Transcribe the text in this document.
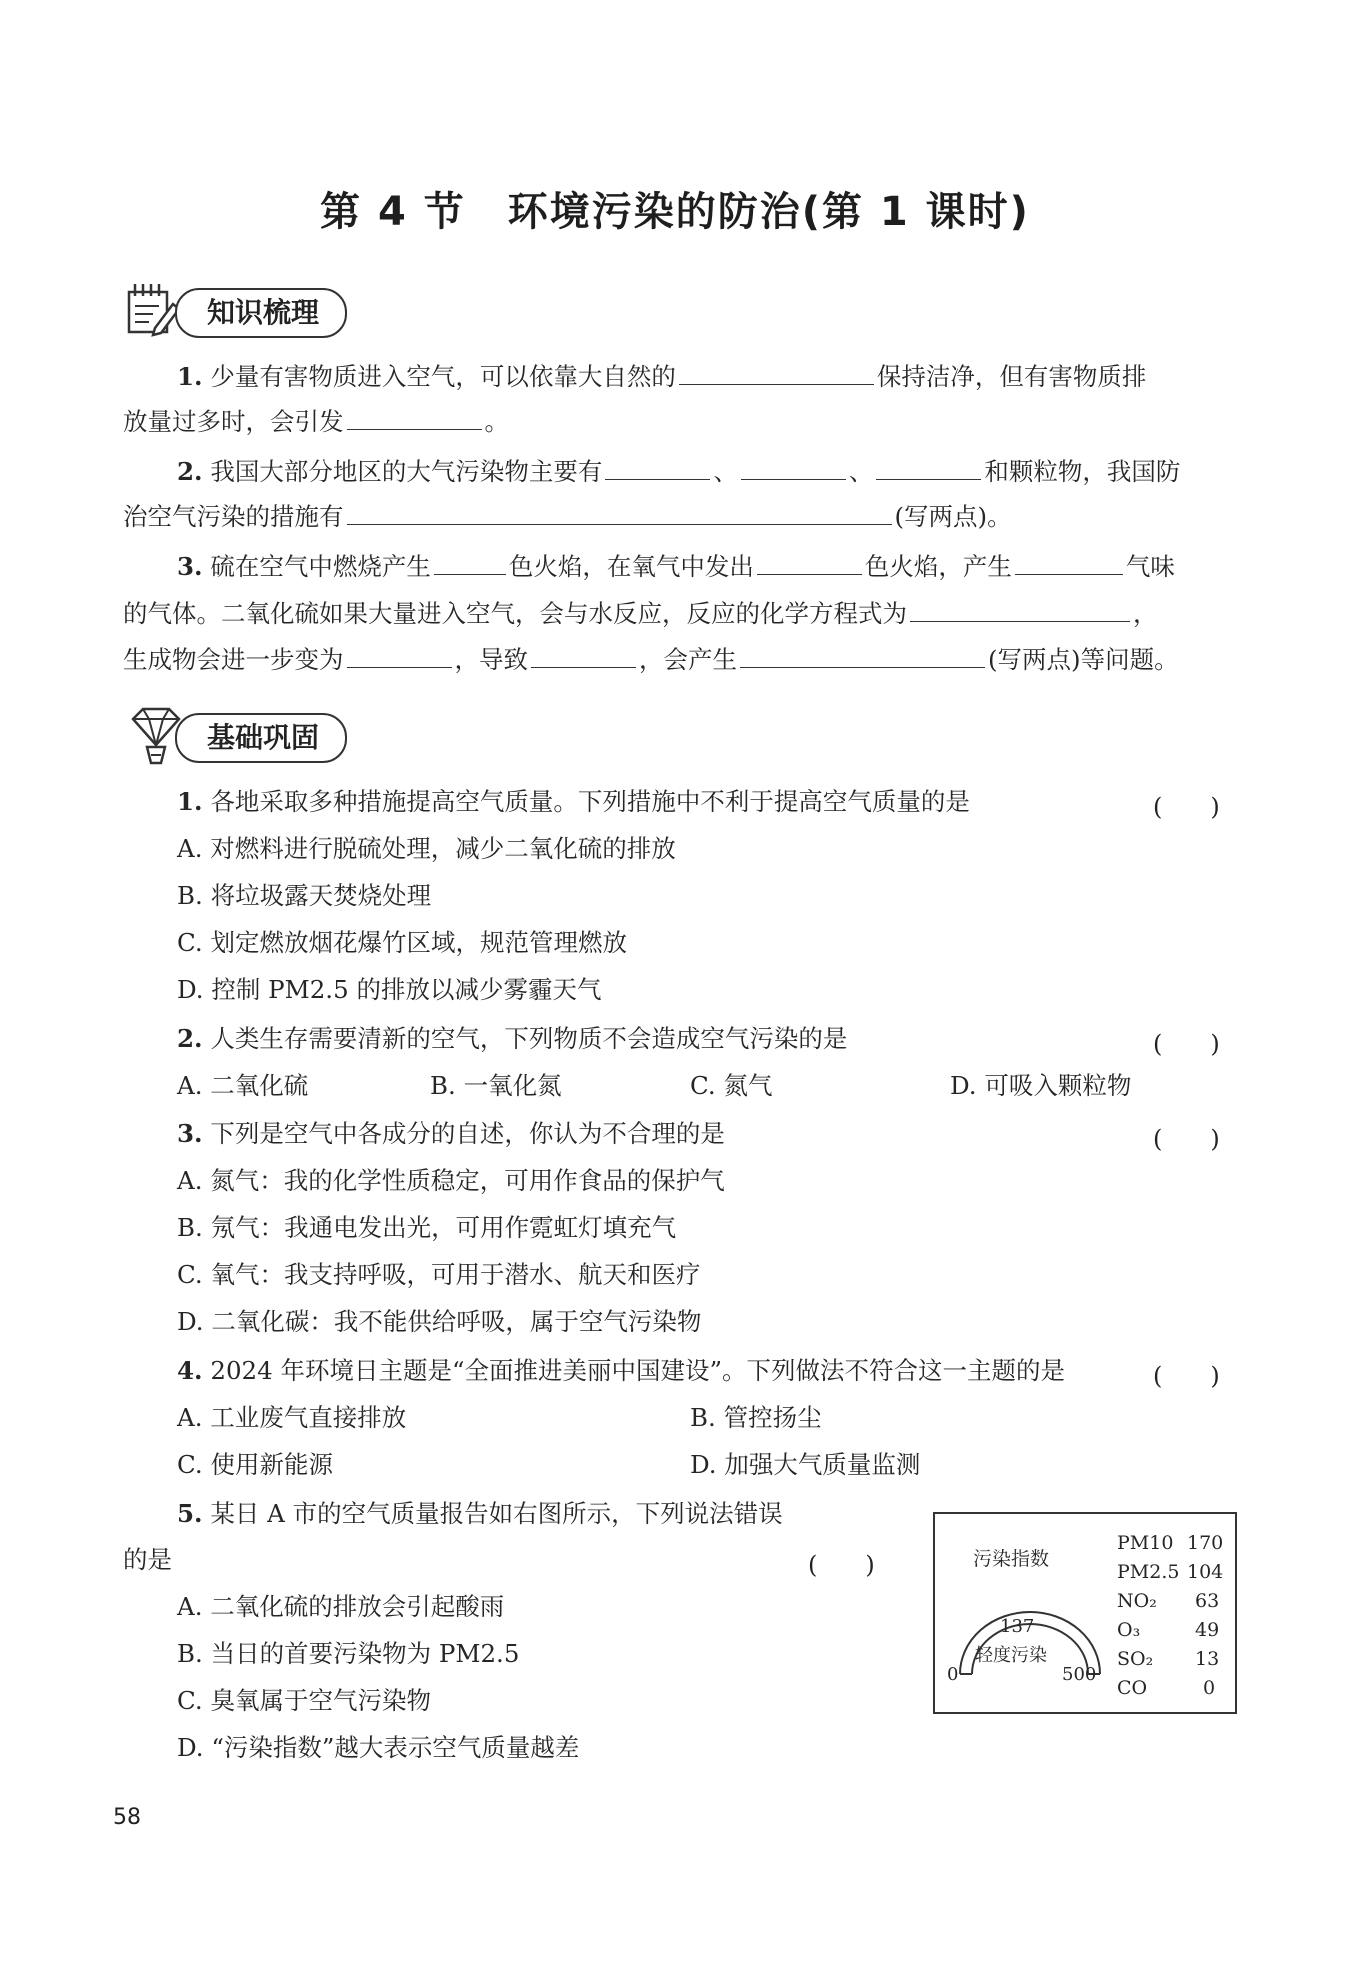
第 4 节　环境污染的防治(第 1 课时)
知识梳理
1. 少量有害物质进入空气，可以依靠大自然的	保持洁净，但有害物质排
放量过多时，会引发	。
2. 我国大部分地区的大气污染物主要有	、	、	和颗粒物，我国防
治空气污染的措施有	(写两点)。
3. 硫在空气中燃烧产生	色火焰，在氧气中发出	色火焰，产生	气味
的气体。二氧化硫如果大量进入空气，会与水反应，反应的化学方程式为	，
生成物会进一步变为	，导致	，会产生	(写两点)等问题。
基础巩固
1. 各地采取多种措施提高空气质量。下列措施中不利于提高空气质量的是	(　　)
A. 对燃料进行脱硫处理，减少二氧化硫的排放
B. 将垃圾露天焚烧处理
C. 划定燃放烟花爆竹区域，规范管理燃放
D. 控制 PM2.5 的排放以减少雾霾天气
2. 人类生存需要清新的空气，下列物质不会造成空气污染的是	(　　)
A. 二氧化硫	B. 一氧化氮	C. 氮气	D. 可吸入颗粒物
3. 下列是空气中各成分的自述，你认为不合理的是	(　　)
A. 氮气：我的化学性质稳定，可用作食品的保护气
B. 氖气：我通电发出光，可用作霓虹灯填充气
C. 氧气：我支持呼吸，可用于潜水、航天和医疗
D. 二氧化碳：我不能供给呼吸，属于空气污染物
4. 2024 年环境日主题是“全面推进美丽中国建设”。下列做法不符合这一主题的是	(　　)
A. 工业废气直接排放	B. 管控扬尘
C. 使用新能源	D. 加强大气质量监测
5. 某日 A 市的空气质量报告如右图所示，下列说法错误
的是	(　　)
A. 二氧化硫的排放会引起酸雨
B. 当日的首要污染物为 PM2.5
C. 臭氧属于空气污染物
D. “污染指数”越大表示空气质量越差
污染指数
137
轻度污染
0	500
PM10 170
PM2.5 104
NO₂ 63
O₃	49
SO₂ 13
CO	0
58
